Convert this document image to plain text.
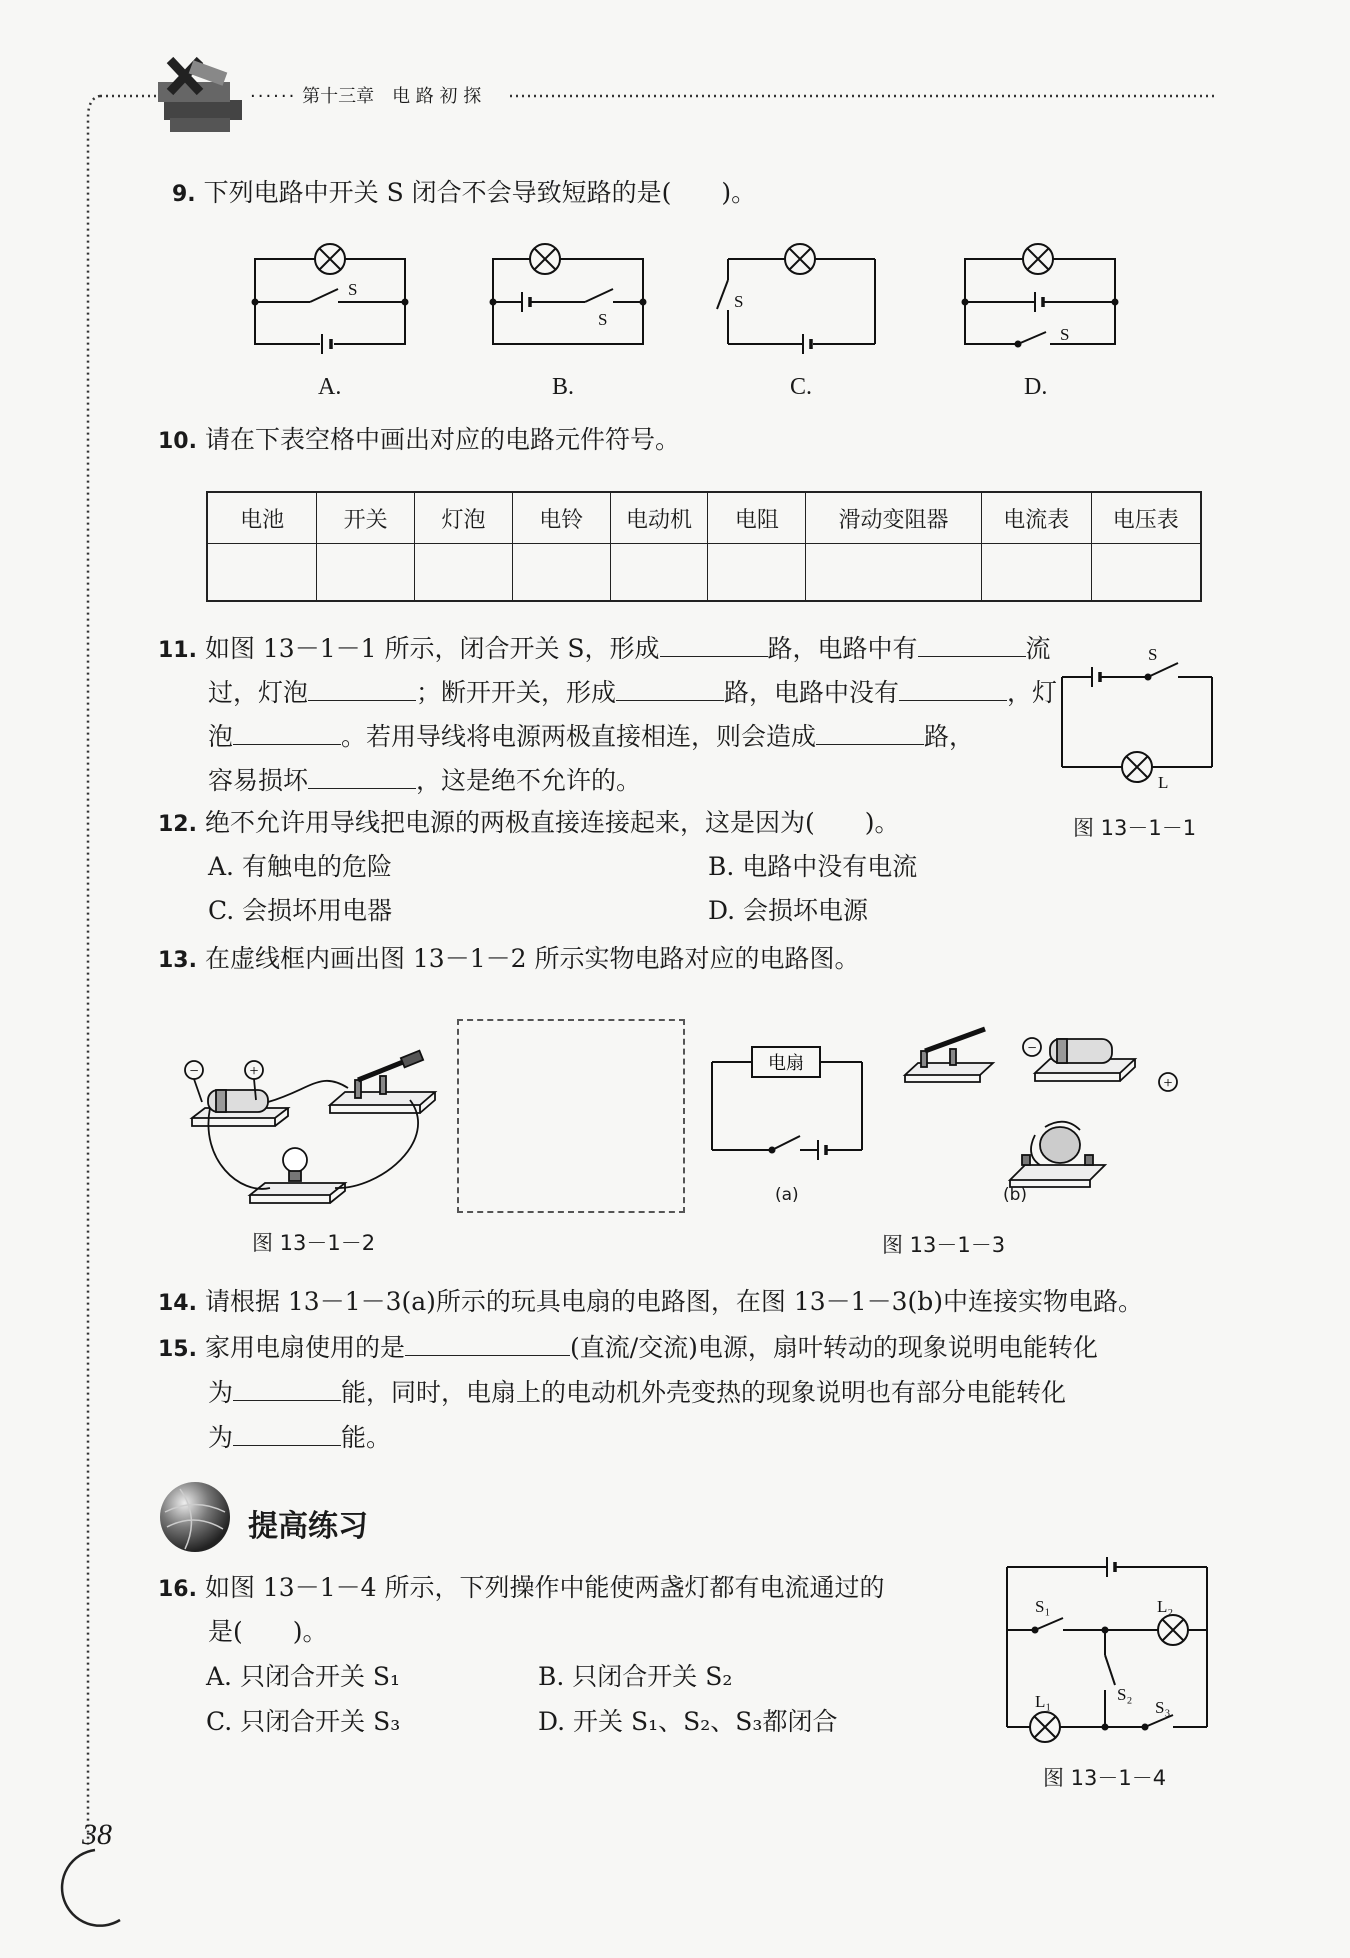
······ 第十三章　电 路 初 探
9. 下列电路中开关 S 闭合不会导致短路的是(　　)。
S
S
S
S
A.	B.	C.	D.
10. 请在下表空格中画出对应的电路元件符号。
电池	开关	灯泡	电铃	电动机	电阻	滑动变阻器	电流表	电压表

11. 如图 13－1－1 所示，闭合开关 S，形成	路，电路中有	流
过，灯泡	；断开开关，形成	路，电路中没有	，灯
泡	。若用导线将电源两极直接相连，则会造成	路，
容易损坏	，这是绝不允许的。
S
L
图 13－1－1
12. 绝不允许用导线把电源的两极直接连接起来，这是因为(　　)。
A. 有触电的危险	B. 电路中没有电流
C. 会损坏用电器	D. 会损坏电源
13. 在虚线框内画出图 13－1－2 所示实物电路对应的电路图。
−	+
图 13－1－2
电扇
(a)
−
+
(b)
图 13－1－3
14. 请根据 13－1－3(a)所示的玩具电扇的电路图，在图 13－1－3(b)中连接实物电路。
15. 家用电扇使用的是	(直流/交流)电源，扇叶转动的现象说明电能转化
为	能，同时，电扇上的电动机外壳变热的现象说明也有部分电能转化
为	能。
提高练习
16. 如图 13－1－4 所示，下列操作中能使两盏灯都有电流通过的
是(　　)。
A. 只闭合开关 S₁	B. 只闭合开关 S₂
C. 只闭合开关 S₃	D. 开关 S₁、S₂、S₃都闭合
S₁	L₂
S₂
S₃
L₁
图 13－1－4
38
